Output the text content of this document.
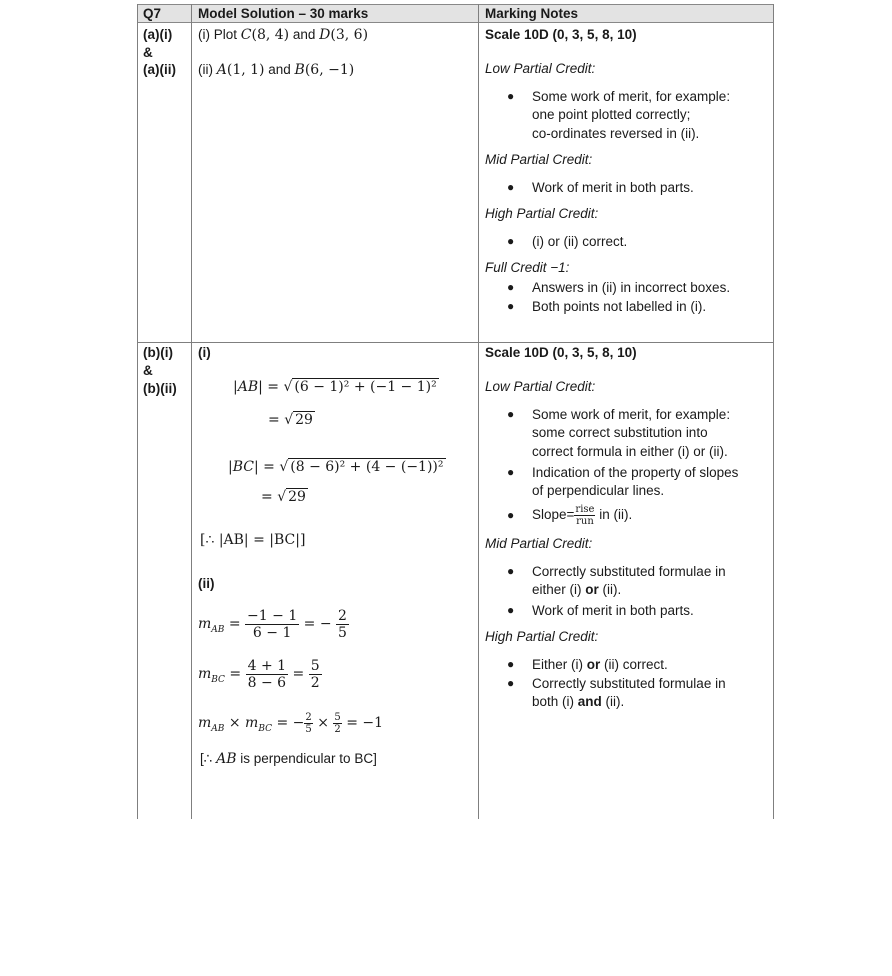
Q7	Model Solution – 30 marks	Marking Notes
(a)(i)
&
(a)(ii)
(i) Plot C(8, 4) and D(3, 6)
(ii) A(1, 1) and B(6, −1)
Scale 10D (0, 3, 5, 8, 10)
Low Partial Credit:
● Some work of merit, for example:
one point plotted correctly;
co-ordinates reversed in (ii).
Mid Partial Credit:
● Work of merit in both parts.
High Partial Credit:
● (i) or (ii) correct.
Full Credit −1:
● Answers in (ii) in incorrect boxes.
● Both points not labelled in (i).
(b)(i)
&
(b)(ii)
(i)
|AB| = √ (6 − 1)² + (−1 − 1)²
= √ 29
|BC| = √ (8 − 6)² + (4 − (−1))²
= √ 29
[∴ |AB| = |BC|]
(ii)
$m_{AB} = \frac{-1 - 1}{6 - 1}$ = − $\frac{2}{5}$
$m_{BC} = \frac{4 + 1}{8 - 6} = \frac{5}{2}$
$m_{AB} \times m_{BC}$ = − $\frac{2}{5} \times \frac{5}{2} = -1$
[∴ AB is perpendicular to BC]
Scale 10D (0, 3, 5, 8, 10)
Low Partial Credit:
● Some work of merit, for example:
some correct substitution into
correct formula in either (i) or (ii).
● Indication of the property of slopes
of perpendicular lines.
● Slope= $\frac{\text{rise}}{\text{run}}$ in (ii).
Mid Partial Credit:
● Correctly substituted formulae in
either (i) or (ii).
● Work of merit in both parts.
High Partial Credit:
● Either (i) or (ii) correct.
● Correctly substituted formulae in
both (i) and (ii).
